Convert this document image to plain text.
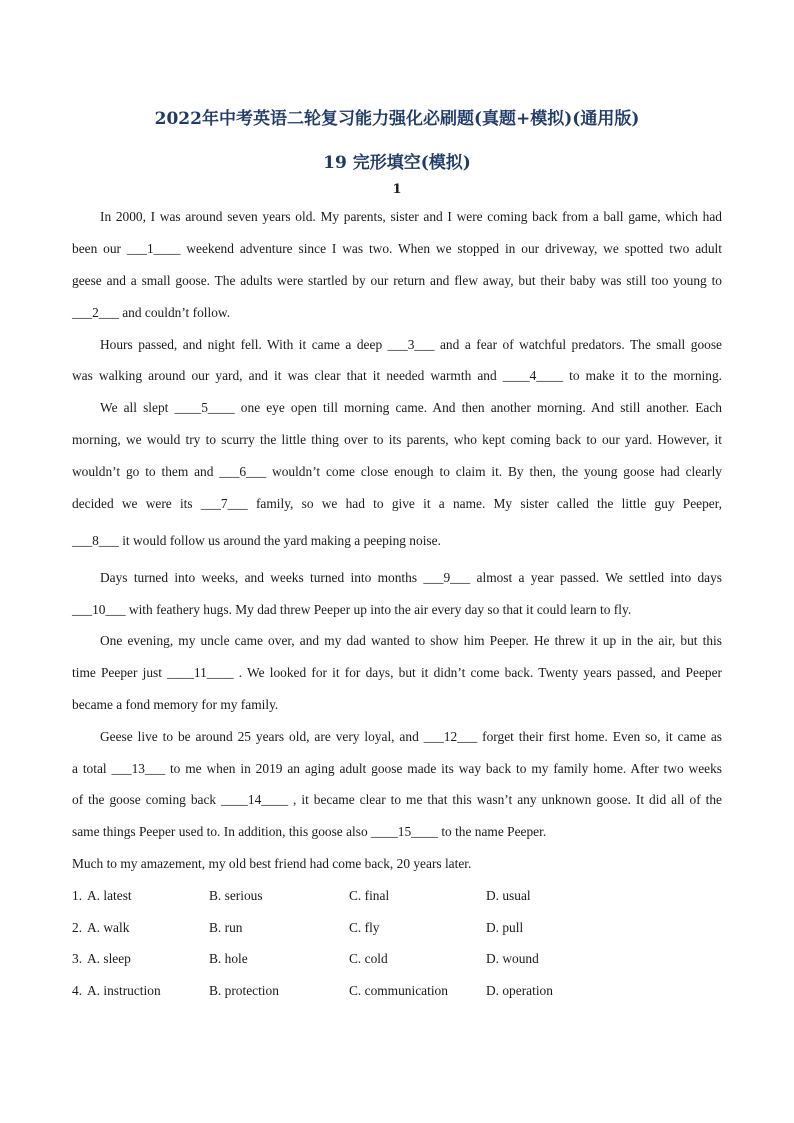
2022年中考英语二轮复习能力强化必刷题(真题+模拟)(通用版)
19 完形填空(模拟)
1
In 2000, I was around seven years old. My parents, sister and I were coming back from a ball game, which had
been our ___1____ weekend adventure since I was two. When we stopped in our driveway, we spotted two adult
geese and a small goose. The adults were startled by our return and flew away, but their baby was still too young to
___2___ and couldn’t follow.
Hours passed, and night fell. With it came a deep ___3___ and a fear of watchful predators. The small goose
was walking around our yard, and it was clear that it needed warmth and ____4____ to make it to the morning.
We all slept ____5____ one eye open till morning came. And then another morning. And still another. Each
morning, we would try to scurry the little thing over to its parents, who kept coming back to our yard. However, it
wouldn’t go to them and ___6___ wouldn’t come close enough to claim it. By then, the young goose had clearly
decided we were its ___7___ family, so we had to give it a name. My sister called the little guy Peeper,
___8___ it would follow us around the yard making a peeping noise.
Days turned into weeks, and weeks turned into months ___9___ almost a year passed. We settled into days
___10___ with feathery hugs. My dad threw Peeper up into the air every day so that it could learn to fly.
One evening, my uncle came over, and my dad wanted to show him Peeper. He threw it up in the air, but this
time Peeper just ____11____ . We looked for it for days, but it didn’t come back. Twenty years passed, and Peeper
became a fond memory for my family.
Geese live to be around 25 years old, are very loyal, and ___12___ forget their first home. Even so, it came as
a total ___13___ to me when in 2019 an aging adult goose made its way back to my family home. After two weeks
of the goose coming back ____14____ , it became clear to me that this wasn’t any unknown goose. It did all of the
same things Peeper used to. In addition, this goose also ____15____ to the name Peeper.
Much to my amazement, my old best friend had come back, 20 years later.
1. A. latest	B. serious	C. final	D. usual
2. A. walk	B. run	C. fly	D. pull
3. A. sleep	B. hole	C. cold	D. wound
4. A. instruction	B. protection	C. communication	D. operation
